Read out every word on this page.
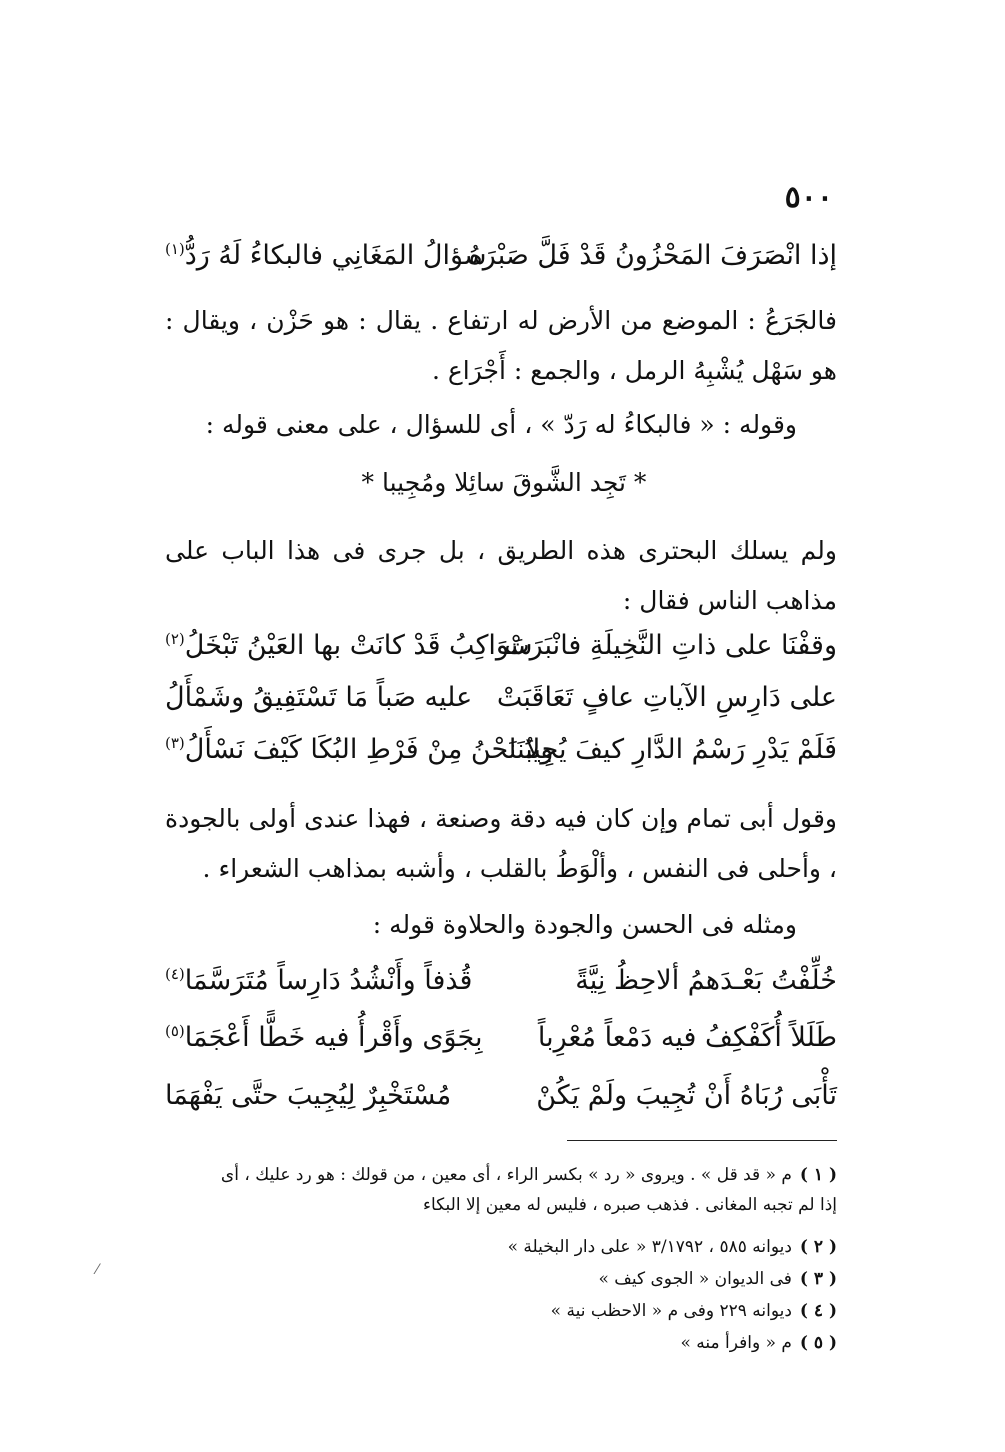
٥٠٠
إذا انْصَرَفَ المَحْزُونُ قَدْ فَلَّ صَبْرَهُ
سؤالُ المَغَانِي فالبكاءُ لَهُ رَدُّ$^{(١)}$
فالجَرَعُ : الموضع من الأرض له ارتفاع . يقال : هو حَزْن ، ويقال : هو سَهْل يُشْبِهُ الرمل ، والجمع : أَجْرَاع .
وقوله : « فالبكاءُ له رَدّ » ، أى للسؤال ، على معنى قوله :
* تَجِد الشَّوقَ سائِلا ومُجِيبا *
ولم يسلك البحترى هذه الطريق ، بل جرى فى هذا الباب على مذاهب الناس فقال :
وقفْنَا على ذاتِ النَّخِيلَةِ فانْبَرَتْ
سَوَاكِبُ قَدْ كانَتْ بها العَيْنُ تَبْخَلُ$^{(٢)}$
على دَارِسِ الآياتِ عافٍ تَعَاقَبَتْ
عليه صَباً مَا تَسْتَفِيقُ وشَمْأَلُ
فَلَمْ يَدْرِ رَسْمُ الدَّارِ كيفَ يُجِيبُنَا
ولا نَحْنُ مِنْ فَرْطِ البُكَا كَيْفَ نَسْأَلُ$^{(٣)}$
وقول أبى تمام وإن كان فيه دقة وصنعة ، فهذا عندى أولى بالجودة ، وأحلى فى النفس ، وألْوَطُ بالقلب ، وأشبه بمذاهب الشعراء .
ومثله فى الحسن والجودة والحلاوة قوله :
خُلِّفْتُ بَعْـدَهمُ ألاحِظُ نِيَّةً
قُذفاً وأَنْشُدُ دَارِساً مُتَرَسَّمَا$^{(٤)}$
طَلَلاً أُكَفْكِفُ فيه دَمْعاً مُعْرِباً
بِجَوًى وأَقْرأُ فيه خَطًّا أَعْجَمَا$^{(٥)}$
تَأْبَى رُبَاهُ أَنْ تُجِيبَ ولَمْ يَكُنْ
مُسْتَخْبِرٌ لِيُجِيبَ حتَّى يَفْهَمَا
( ١ )م « قد قل » . ويروى « رد » بكسر الراء ، أى معين ، من قولك : هو رد عليك ، أى
إذا لم تجبه المغانى . فذهب صبره ، فليس له معين إلا البكاء
( ٢ )ديوانه ٥٨٥ ، ٣/١٧٩٢ « على دار البخيلة »
( ٣ )فى الديوان « الجوى كيف »
( ٤ )ديوانه ٢٢٩ وفى م « الاحظب نية »
( ٥ )م « وافرأ منه »
⁄
